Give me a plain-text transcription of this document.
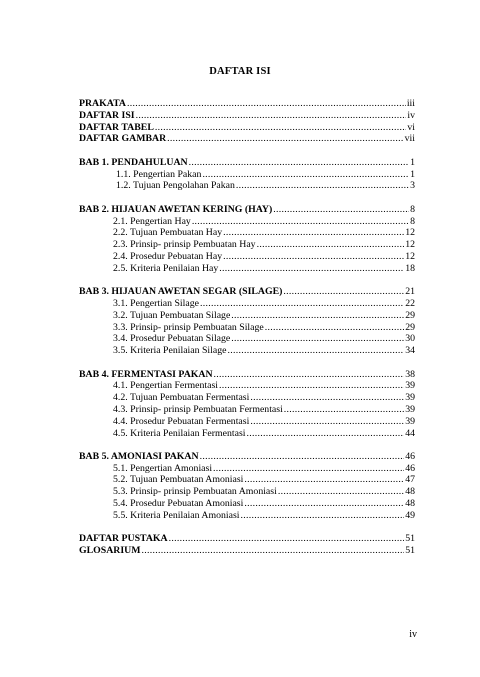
DAFTAR ISI
PRAKATA .....	iii
DAFTAR ISI .....	iv
DAFTAR TABEL .....	vi
DAFTAR GAMBAR .....	vii
BAB 1. PENDAHULUAN .....	1
1.1. Pengertian Pakan .....	1
1.2. Tujuan Pengolahan Pakan .....	3
BAB 2. HIJAUAN AWETAN KERING (HAY) .....	8
2.1. Pengertian Hay .....	8
2.2. Tujuan Pembuatan Hay .....	12
2.3. Prinsip- prinsip Pembuatan Hay .....	12
2.4. Prosedur Pebuatan Hay .....	12
2.5. Kriteria Penilaian Hay .....	18
BAB 3. HIJAUAN AWETAN SEGAR (SILAGE) .....	21
3.1. Pengertian Silage .....	22
3.2. Tujuan Pembuatan Silage .....	29
3.3. Prinsip- prinsip Pembuatan Silage .....	29
3.4. Prosedur Pebuatan Silage .....	30
3.5. Kriteria Penilaian Silage .....	34
BAB 4. FERMENTASI PAKAN .....	38
4.1. Pengertian Fermentasi .....	39
4.2. Tujuan Pembuatan Fermentasi .....	39
4.3. Prinsip- prinsip Pembuatan Fermentasi .....	39
4.4. Prosedur Pebuatan Fermentasi .....	39
4.5. Kriteria Penilaian Fermentasi .....	44
BAB 5. AMONIASI PAKAN .....	46
5.1. Pengertian Amoniasi .....	46
5.2. Tujuan Pembuatan Amoniasi .....	47
5.3. Prinsip- prinsip Pembuatan Amoniasi .....	48
5.4. Prosedur Pebuatan Amoniasi .....	48
5.5. Kriteria Penilaian Amoniasi .....	49
DAFTAR PUSTAKA .....	51
GLOSARIUM .....	51
iv
